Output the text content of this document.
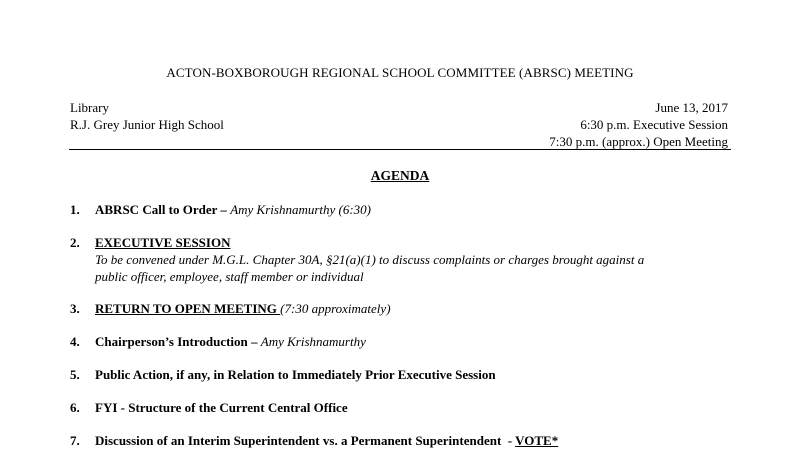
ACTON-BOXBOROUGH REGIONAL SCHOOL COMMITTEE (ABRSC) MEETING
Library
R.J. Grey Junior High School
June 13, 2017
6:30 p.m. Executive Session
7:30 p.m. (approx.) Open Meeting
AGENDA
1. ABRSC Call to Order – Amy Krishnamurthy (6:30)
2. EXECUTIVE SESSION
To be convened under M.G.L. Chapter 30A, §21(a)(1) to discuss complaints or charges brought against a
public officer, employee, staff member or individual
3. RETURN TO OPEN MEETING (7:30 approximately)
4. Chairperson’s Introduction – Amy Krishnamurthy
5. Public Action, if any, in Relation to Immediately Prior Executive Session
6. FYI - Structure of the Current Central Office
7. Discussion of an Interim Superintendent vs. a Permanent Superintendent  - VOTE*
